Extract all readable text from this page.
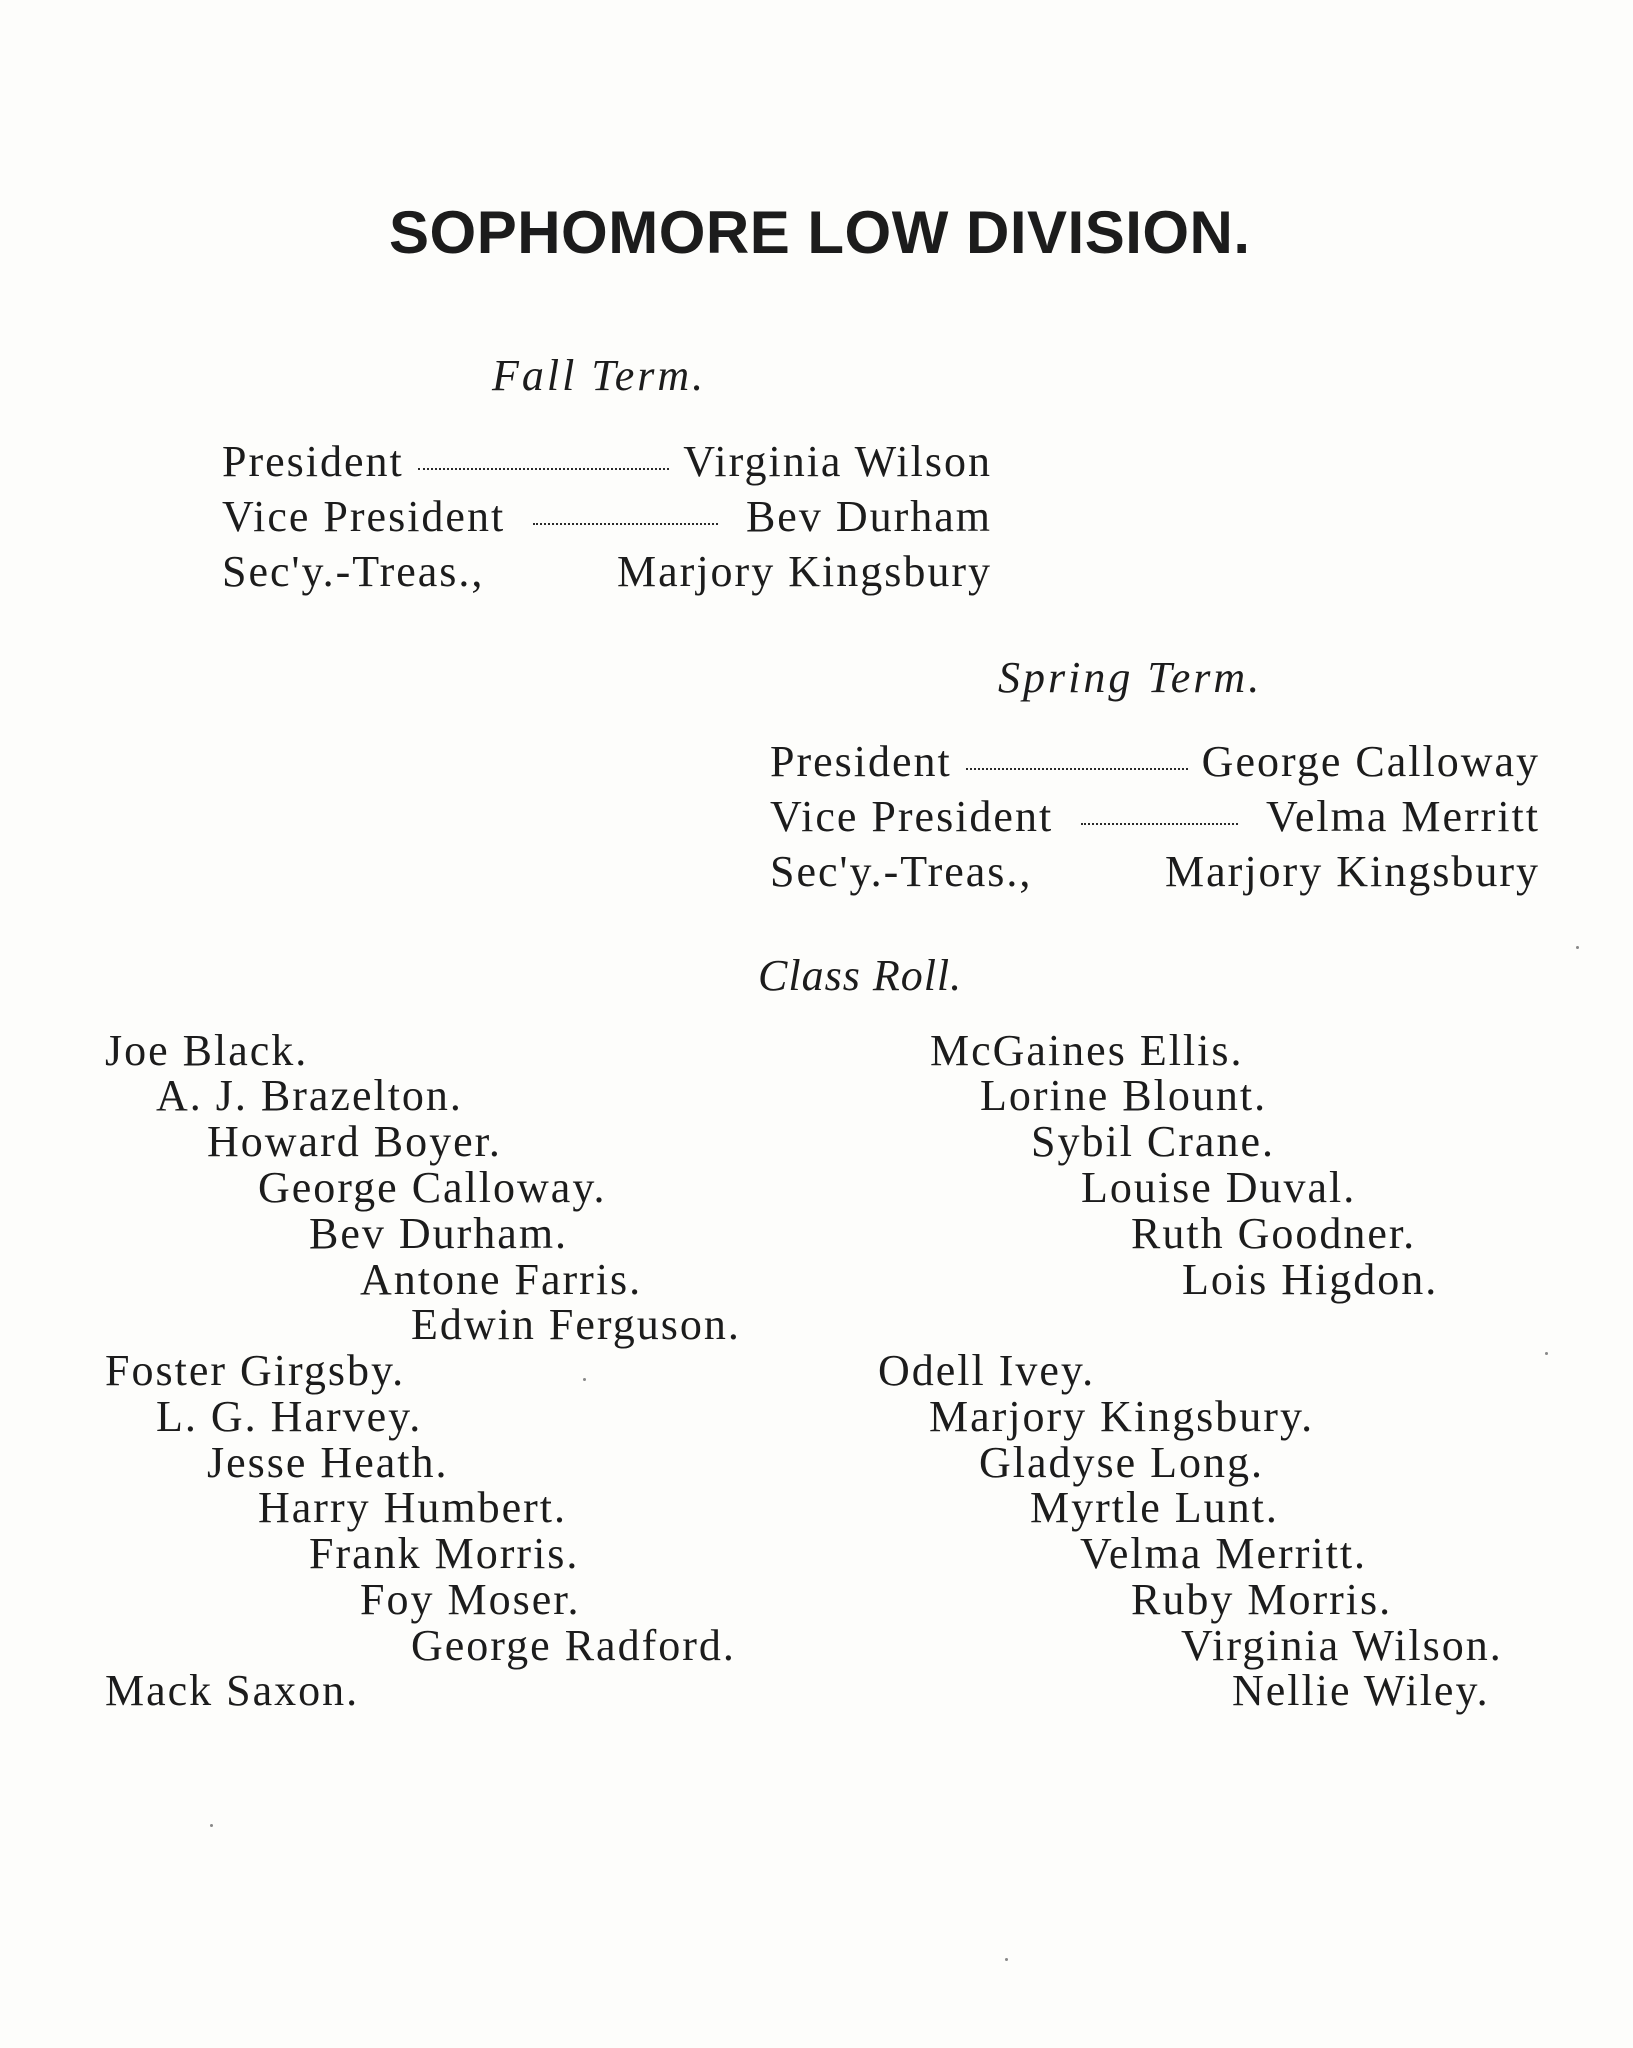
SOPHOMORE LOW DIVISION.
Fall Term.
President	Virginia Wilson
Vice President	Bev Durham
Sec'y.-Treas.,	Marjory Kingsbury
Spring Term.
President	George Calloway
Vice President	Velma Merritt
Sec'y.-Treas.,	Marjory Kingsbury
Class Roll.
Joe Black.
A. J. Brazelton.
Howard Boyer.
George Calloway.
Bev Durham.
Antone Farris.
Edwin Ferguson.
Foster Girgsby.
L. G. Harvey.
Jesse Heath.
Harry Humbert.
Frank Morris.
Foy Moser.
George Radford.
Mack Saxon.
McGaines Ellis.
Lorine Blount.
Sybil Crane.
Louise Duval.
Ruth Goodner.
Lois Higdon.
Odell Ivey.
Marjory Kingsbury.
Gladyse Long.
Myrtle Lunt.
Velma Merritt.
Ruby Morris.
Virginia Wilson.
Nellie Wiley.
